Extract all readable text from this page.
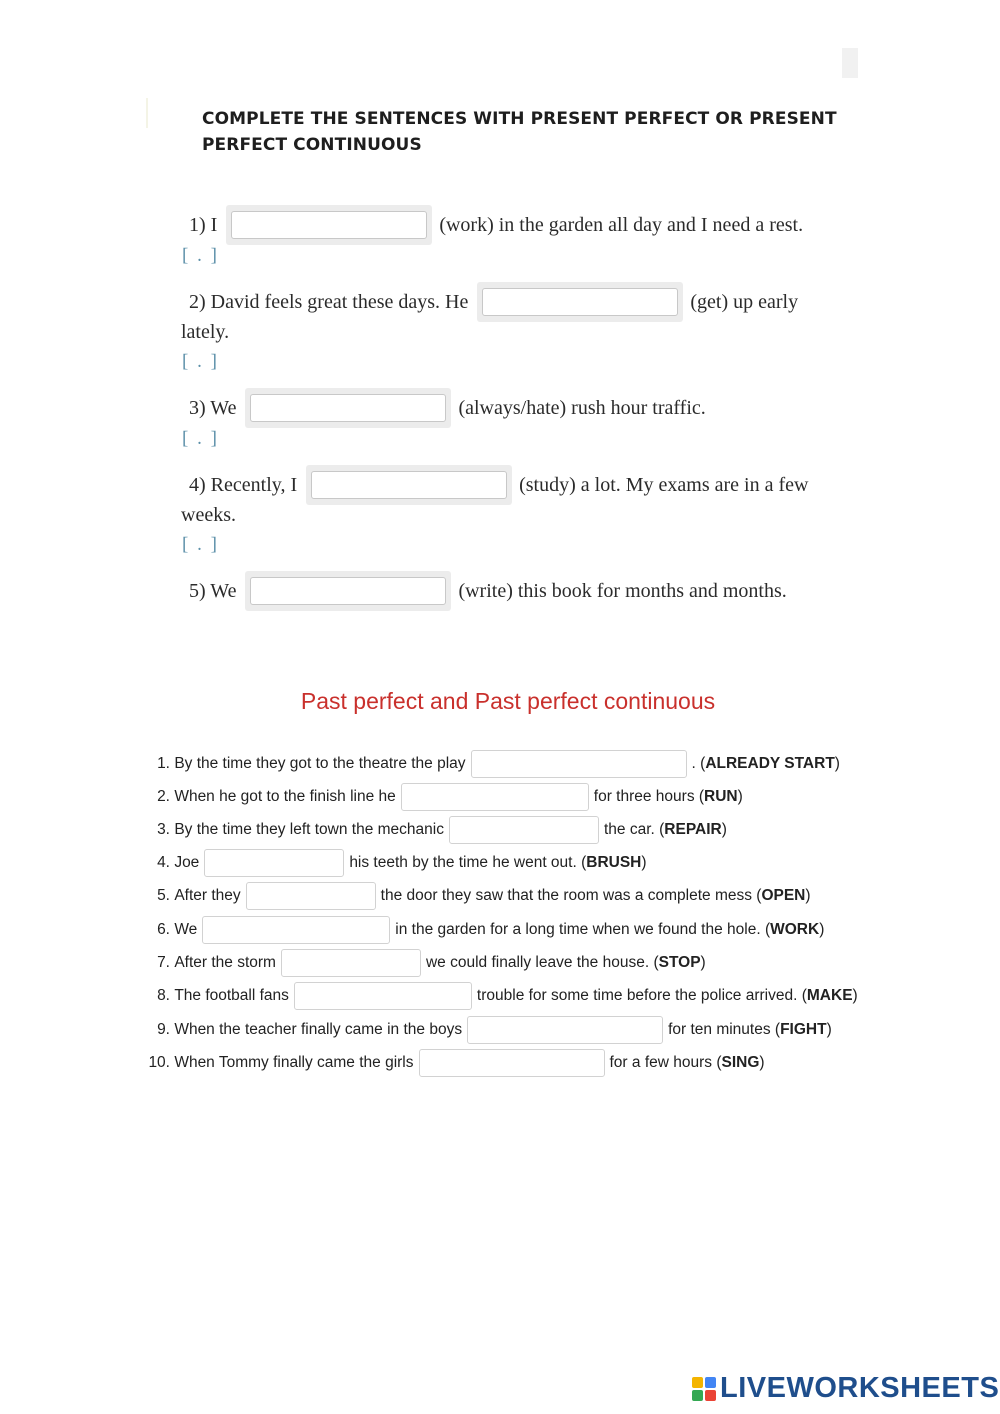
COMPLETE THE SENTENCES WITH PRESENT PERFECT OR PRESENT PERFECT CONTINUOUS
1) I	(work) in the garden all day and I need a rest.
[ . ]
2) David feels great these days. He	(get) up early
lately.
[ . ]
3) We	(always/hate) rush hour traffic.
[ . ]
4) Recently, I	(study) a lot. My exams are in a few
weeks.
[ . ]
5) We	(write) this book for months and months.
Past perfect and Past perfect continuous
1.
By the time they got to the theatre the play	. ( ALREADY START )
2.
When he got to the finish line he	for three hours ( RUN )
3.
By the time they left town the mechanic	the car. ( REPAIR )
4.
Joe	his teeth by the time he went out. ( BRUSH )
5.
After they	the door they saw that the room was a complete mess ( OPEN )
6.
We	in the garden for a long time when we found the hole. ( WORK )
7.
After the storm	we could finally leave the house. ( STOP )
8.
The football fans	trouble for some time before the police arrived. ( MAKE )
9.
When the teacher finally came in the boys	for ten minutes ( FIGHT )
10.
When Tommy finally came the girls	for a few hours ( SING )
LIVEWORKSHEETS
